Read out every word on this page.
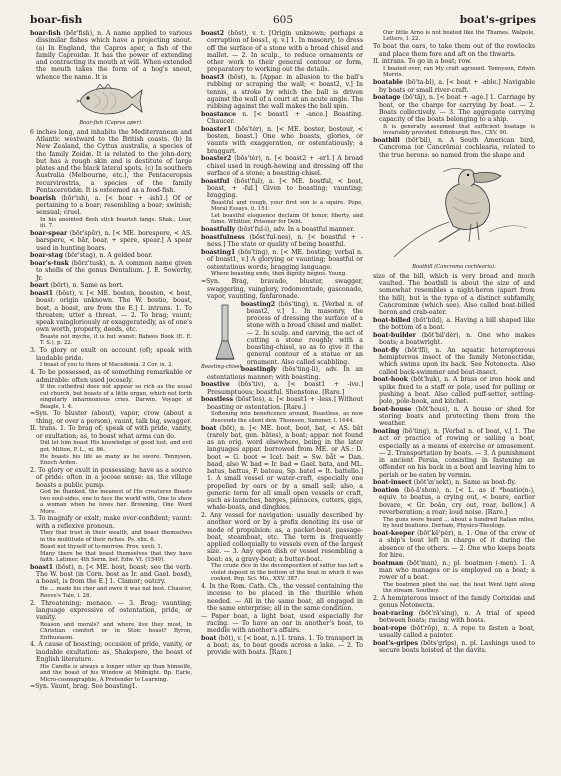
boar-fish	605	boat's-gripes

boar-fish (bōr'fish), n. A name applied to various dissimilar fishes which have a projecting snout. (a) In England, the Capros aper, a fish of the family Caproidæ. It has the power of extending and contracting its mouth at will. When extended the mouth takes the form of a hog's snout, whence the name. It is

Boar-fish (Capros aper).

6 inches long, and inhabits the Mediterranean and Atlantic westward to the British coasts. (b) In New Zealand, the Cyttus australis, a species of the family Zeidæ. It is related to the john-dory, but has a rough skin and is destitute of large plates and the black lateral spots. (c) In southern Australia (Melbourne, etc.), the Pentaceropsis recurvirostris, a species of the family Pentacerotidæ. It is esteemed as a food-fish.

boarish (bōr'ish), a. [< boar + -ish1.] Of or pertaining to a boar; resembling a boar; swinish; sensual; cruel.

In his anointed flesh stick boarish fangs. Shak., Lear, iii. 7.

boar-spear (bōr'spēr), n. [< ME. borespere, < AS. barspere, < bār, boar, + spere, spear.] A spear used in hunting boars.

boar-stag (bōr'stag), n. A gelded boar.

boar's-tusk (bōrz'tusk), n. A common name given to shells of the genus Dentalium. J. E. Sowerby, Jr.

boart (bōrt), n. Same as bort.

boast1 (bōst), v. [< ME. bosten, boosten, < bost, boast: origin unknown. The W. bostio, boast, bost, a boast, are from the E.] I. intrans. 1. To threaten; utter a threat. — 2. To brag; vaunt; speak vaingloriously or exaggeratedly, as of one's own worth, property, deeds, etc.

Boaste not myche, it is but wanst: Babees Book (E. E. T. S.), p. 22.

3. To glory or exult on account (of); speak with laudable pride.

I boast of you to them of Macedonia. 2 Cor. ix. 2.

4. To be possessed, as of something remarkable or admirable: often used jocosely.

If the cathedral does not appear so rich as the usual cut church, but boasts of a little organ, which not forth singularly inharmonious cries. Darwin, Voyage of Beagle, I. 4.

=Syn. To bluster (about), vapor, crow (about a thing, or over a person), vaunt, talk big, swagger.

II. trans. 1. To brag of; speak of with pride, vanity, or exultation; as, to boast what arms can do.

Did let him boast His knowledge of good lost, and evil got. Milton, P. L., xi. 86.

He boasts his life as many as he swore. Tennyson, Enoch Arden.

2. To glory or exult in possessing; have as a source of pride: often in a jocose sense: as, the village boasts a public pump.

God be thanked, the meanest of His creatures Boasts two soul-sides, one to face the world with, One to show a woman when he loves her. Browning, One Word More.

3. To magnify or exalt; make over-confident; vaunt: with a reflexive pronoun.

They that trust in their wealth, and boast themselves in the multitude of their riches. Ps. xlix. 6.

Boast not thyself of to-morrow. Prov. xxvii. 1.

Many there be that boast themselves that they have faith. Latimer, 4th Serm. bef. Edw. VI. (1549).

boast1 (bōst), n. [< ME. bost, boast; see the verb. The W. bost (in Corn. bost as Ir. and Gael. bosd), a boast, is from the E.] 1. Clamor; outcry.

He ... made his cher and owre it was nat bost. Chaucer, Reeve's Tale, l. 28.

2. Threatening; menace. — 3. Brag; vaunting; language expressive of ostentation, pride, or vanity.

Reason and morals? and where live they most, In Christian comfort or in Stoic boast? Byron, Enthusiasm.

4. A cause of boasting; occasion of pride, vanity, or laudable exultation: as, Shakspere, the boast of English literature.

His Candle is always a longer sitter up than himselfe, and the boast of his Window at Midnight. Bp. Earle, Micro-cosmographie, A Pretender to Learning.

=Syn. Vaunt, brag. See boasting1.

boast2 (bōst), v. t. [Origin unknown; perhaps a corruption of boss1, q. v.] 1. In masonry, to dress off the surface of a stone with a broad chisel and mallet. — 2. In sculp., to reduce ornaments or other work to their general contour or form, preparatory to working out the details.

boast3 (bōst), n. [Appar. in allusion to the ball's rubbing or scraping the wall; < boast2, v.] In tennis, a stroke by which the ball is driven against the wall of a court at an acute angle. The rubbing against the wall makes the ball spin.

boastance n. [< boast1 + -ance.] Boasting. Chaucer.

boaster1 (bōs'tėr), n. [< ME. boster, bostour, < bosten, boast.] One who boasts, glories, or vaunts with exaggeration, or ostentatiously; a braggart.

boaster2 (bōs'tėr), n. [< boast2 + -er1.] A broad chisel used in rough-hewing and dressing off the surface of a stone; a boasting-chisel.

boastful (bōst'fụl), a. [< ME. bostful, < bost, boast, + -ful.] Given to boasting; vaunting; bragging.

Boastful and rough, your first son is a squire. Pope, Moral Essays, ii. 151.

Let boastful eloquence declaim Of honor, liberty, and fame. Whittier, Prisoner for Debt.

boastfully (bōst'fụl-i), adv. In a boastful manner.

boastfulness (bōst'fụl-nes), n. [< boastful + -ness.] The state or quality of being boastful.

boasting1 (bōs'ting), n. [< ME. bosting; verbal n. of boast1, v.] A glorying or vaunting; boastful or ostentatious words; bragging language.

Where boasting ends, then dignity begins. Young.

=Syn. Brag, bravado, bluster, swagger, swaggering, vainglory, rodomontade, gasconade, vapor, vaunting, fanfaronade.

Boasting-chisel.
boasting2 (bōs'ting), n. [Verbal n. of boast2, v.] 1. In masonry, the process of dressing the surface of a stone with a broad chisel and mallet. — 2. In sculp. and carving, the act of cutting a stone roughly with a boasting-chisel, so as to give it the general contour of a statue or an ornament. Also called scabbling.

boastingly (bōs'ting-li), adv. In an ostentatious manner; with boasting.

boastive (bōs'tiv), a. [< boast1 + -ive.] Presumptuous; boastful. Shenstone. [Rare.]

boastless (bōst'les), a. [< boast1 + -less.] Without boasting or ostentation. [Rare.]

Softening into beneficence around, Boastless, as now descends the silent dew. Thomson, Summer, l. 1644.

boat (bōt), n. [< ME. boot, boot, bat, < AS. bāt (rarely bat, gen. bātes), a boat; appar. not found as an orig. word elsewhere, being in the later languages appar. borrowed from ME. or AS.: D. boot = G. boot = Icel. beit = Sw. båt = Dan. baad, also W. bad = Ir. bad = Gael. bata, and ML. batus, battus, F. bateau, Sp. batel = It. battello.] 1. A small vessel or water-craft, especially one propelled by oars or by a small sail; also, a generic term for all small open vessels or craft, such as launches, barges, pinnaces, cutters, gigs, whale-boats, and dinghies.

2. Any vessel for navigation: usually described by another word or by a prefix denoting its use or mode of propulsion: as, a packet-boat, passage-boat, steamboat, etc. The term is frequently applied colloquially to vessels even of the largest size. — 3. Any open dish or vessel resembling a boat: as, a gravy-boat; a butter-boat.

The crude rice in the decomposition of sulfur has left a violet deposit in the bottom of the boat in which it was cooked. Pop. Sci. Mo., XXV. 387.

4. In the Rom. Cath. Ch., the vessel containing the incense to be placed in the thurible when needed. — All in the same boat, all engaged in the same enterprise; all in the same condition.

— Paper boat, a light boat, used especially for racing. — To have an oar in another's boat, to meddle with another's affairs.

boat (bōt), v. [< boat, n.] I. trans. 1. To transport in a boat; as, to boat goods across a lake. — 2. To provide with boats. [Rare.]

Our little Arno is not boated like the Thames. Walpole, Letters, I. 22.

To boat the oars, to take them out of the rowlocks and place them fore and aft on the thwarts.

II. intrans. To go in a boat; row.

I boated over, ran My craft aground. Tennyson, Edwin Morris.

boatable (bō'ta-bl), a. [< boat + -able.] Navigable by boats or small river-craft.

boatage (bō'tāj), n. [< boat + -age.] 1. Carriage by boat, or the charge for carrying by boat. — 2. Boats collectively. — 3. The aggregate carrying capacity of the boats belonging to a ship.

It is generally assumed that sufficient boatage is invariably provided. Edinburgh Rev., CXV. 90.

boatbill (bōt'bil), n. A South American bird, Cancroma (or Cancrōma) cochlearia, related to the true herons: so named from the shape and

Boatbill (Cancroma cochlearia).

size of the bill, which is very broad and much vaulted. The boatbill is about the size of and somewhat resembles a night-heron (apart from the bill), but is the type of a distinct subfamily, Cancrominæ (which see). Also called boat-billed heron and crab-eater.

boat-billed (bōt'bild), a. Having a bill shaped like the bottom of a boat.

boat-builder (bōt'bil'dėr), n. One who makes boats; a boatwright.

boat-fly (bōt'flī), n. An aquatic heteropterous hemipterous insect of the family Notonectidæ, which swims upon its back. See Notonecta. Also called back-swimmer and boat-insect.

boat-hook (bōt'hụk), n. A brass or iron hook and spike fixed to a staff or pole, used for pulling or pushing a boat. Also called puff-setter, setting-pole, pole-hook, and kitchet.

boat-house (bōt'hous), n. A house or shed for storing boats and protecting them from the weather.

boating (bō'ting), n. [Verbal n. of boat, v.] 1. The act or practice of rowing or sailing a boat, especially as a means of exercise or amusement. — 2. Transportation by boats. — 3. A punishment in ancient Persia, consisting in fastening an offender on his back in a boat and leaving him to perish or be eaten by vermin.

boat-insect (bōt'in'sekt), n. Same as boat-fly.

boation (bō-ā'shon), n. [< L. as if *boatio(n-), equiv. to boatus, a crying out, < boare, earlier bovare, < Gr. boân, cry out, roar, bellow.] A reverberation; a roar; loud noise. [Rare.]

The guns were heard ... about a hundred Italian miles, by loud boations. Derham, Physico-Theology.

boat-keeper (bōt'kē'pėr), n. 1. One of the crew of a ship's boat left in charge of it during the absence of the others. — 2. One who keeps boats for hire.

boatman (bōt'man), n.; pl. boatmen (-men). 1. A man who manages or is employed on a boat; a rower of a boat.

The boatmen plied the oar, the boat Went light along the stream. Southey.

2. A hemipterous insect of the family Corixidæ and genus Notonecta.

boat-racing (bōt'rā'sing), n. A trial of speed between boats; racing with boats.

boat-rope (bōt'rōp), n. A rope to fasten a boat, usually called a painter.

boat's-gripes (bōts'grīps), n. pl. Lashings used to secure boats hoisted at the davits.
